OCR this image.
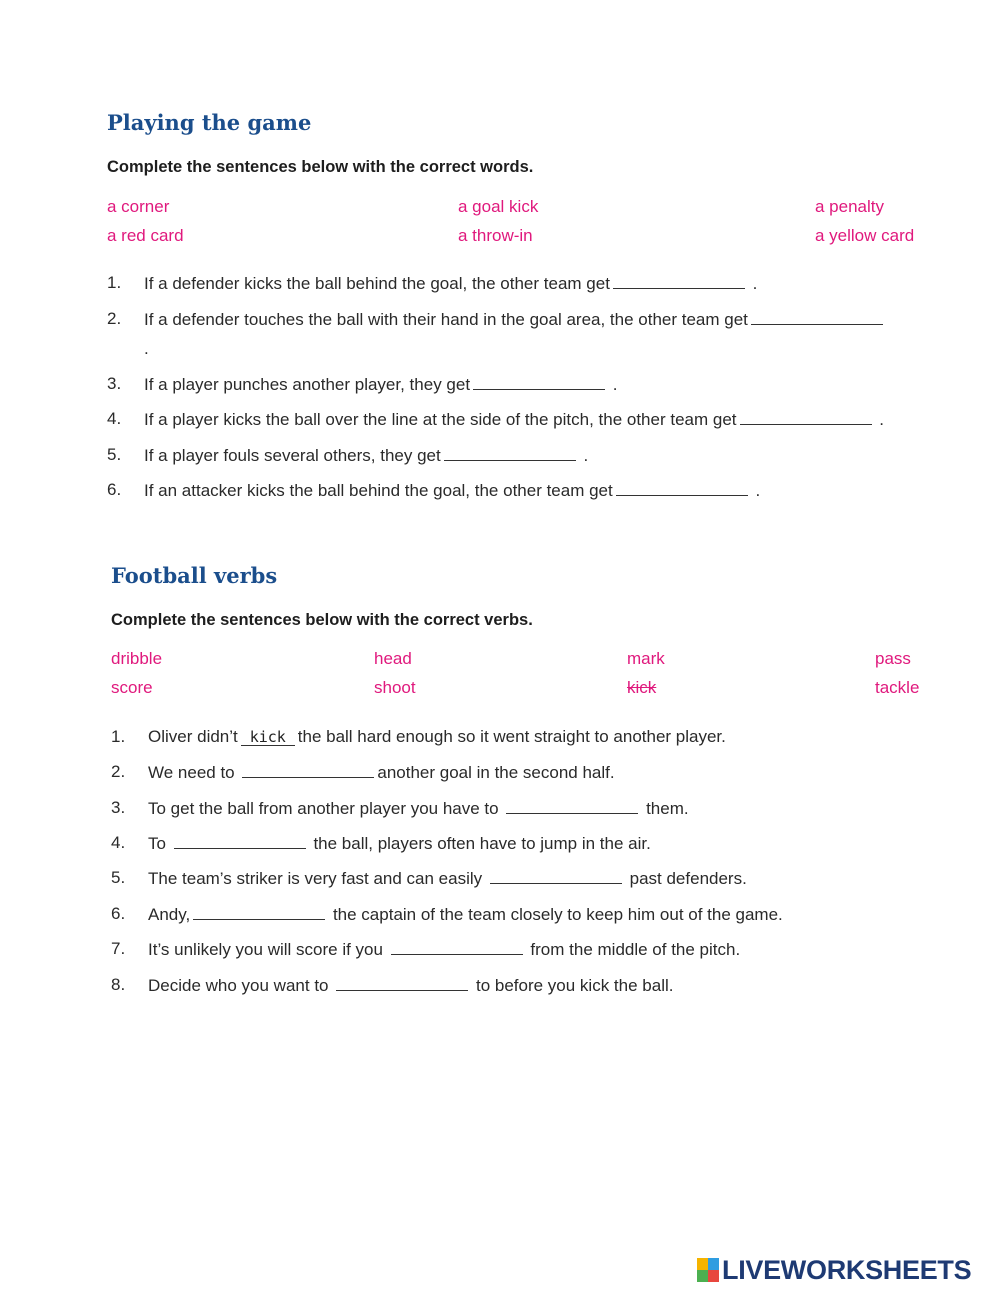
Playing the game
Complete the sentences below with the correct words.
a corner	a goal kick	a penalty
a red card	a throw-in	a yellow card
1. If a defender kicks the ball behind the goal, the other team get	.
2. If a defender touches the ball with their hand in the goal area, the other team get
.
3. If a player punches another player, they get	.
4. If a player kicks the ball over the line at the side of the pitch, the other team get	.
5. If a player fouls several others, they get	.
6. If an attacker kicks the ball behind the goal, the other team get	.
Football verbs
Complete the sentences below with the correct verbs.
dribble	head	mark	pass
score	shoot	kick	tackle
1. Oliver didn’t kick the ball hard enough so it went straight to another player.
2. We need to	another goal in the second half.
3. To get the ball from another player you have to	them.
4. To	the ball, players often have to jump in the air.
5. The team’s striker is very fast and can easily	past defenders.
6. Andy,	the captain of the team closely to keep him out of the game.
7. It’s unlikely you will score if you	from the middle of the pitch.
8. Decide who you want to	to before you kick the ball.
LIVEWORKSHEETS
